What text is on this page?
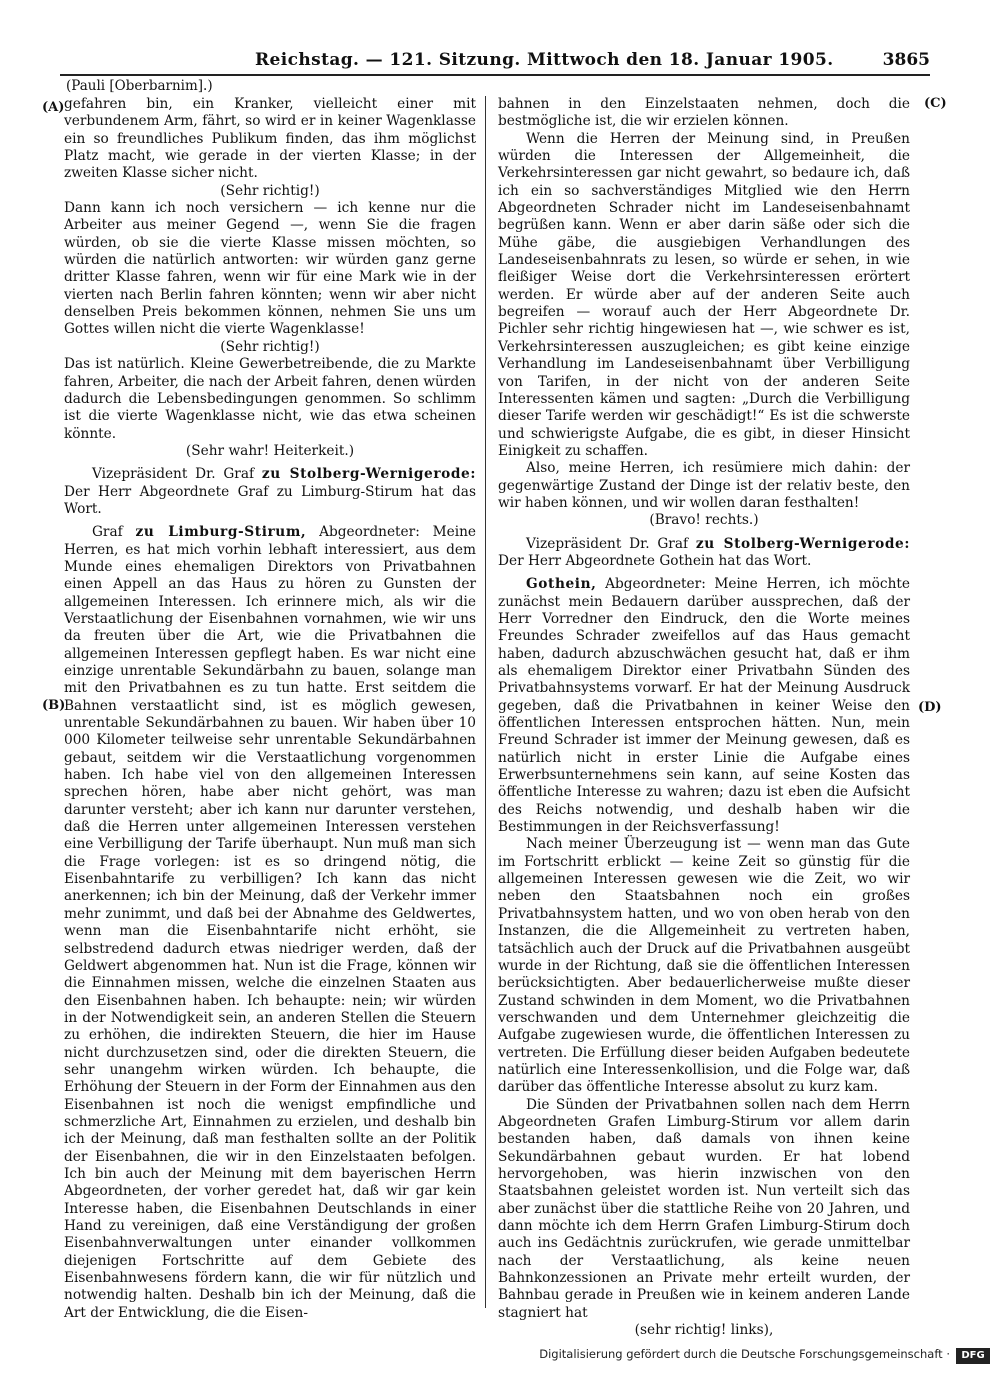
Reichstag. — 121. Sitzung. Mittwoch den 18. Januar 1905.	3865
(Pauli [Oberbarnim].)
(A)
(B)
(C)
(D)

gefahren bin, ein Kranker, vielleicht einer mit verbundenem Arm, fährt, so wird er in keiner Wagenklasse ein so freundliches Publikum finden, das ihm möglichst Platz macht, wie gerade in der vierten Klasse; in der zweiten Klasse sicher nicht.

(Sehr richtig!)

Dann kann ich noch versichern — ich kenne nur die Arbeiter aus meiner Gegend —, wenn Sie die fragen würden, ob sie die vierte Klasse missen möchten, so würden die natürlich antworten: wir würden ganz gerne dritter Klasse fahren, wenn wir für eine Mark wie in der vierten nach Berlin fahren könnten; wenn wir aber nicht denselben Preis bekommen können, nehmen Sie uns um Gottes willen nicht die vierte Wagenklasse!

(Sehr richtig!)

Das ist natürlich. Kleine Gewerbetreibende, die zu Markte fahren, Arbeiter, die nach der Arbeit fahren, denen würden dadurch die Lebensbedingungen genommen. So schlimm ist die vierte Wagenklasse nicht, wie das etwa scheinen könnte.

(Sehr wahr! Heiterkeit.)

Vizepräsident Dr. Graf zu Stolberg-Wernigerode: Der Herr Abgeordnete Graf zu Limburg-Stirum hat das Wort.

Graf zu Limburg-Stirum, Abgeordneter: Meine Herren, es hat mich vorhin lebhaft interessiert, aus dem Munde eines ehemaligen Direktors von Privatbahnen einen Appell an das Haus zu hören zu Gunsten der allgemeinen Interessen. Ich erinnere mich, als wir die Verstaatlichung der Eisenbahnen vornahmen, wie wir uns da freuten über die Art, wie die Privatbahnen die allgemeinen Interessen gepflegt haben. Es war nicht eine einzige unrentable Sekundärbahn zu bauen, solange man mit den Privatbahnen es zu tun hatte. Erst seitdem die Bahnen verstaatlicht sind, ist es möglich gewesen, unrentable Sekundärbahnen zu bauen. Wir haben über 10 000 Kilometer teilweise sehr unrentable Sekundärbahnen gebaut, seitdem wir die Verstaatlichung vorgenommen haben. Ich habe viel von den allgemeinen Interessen sprechen hören, habe aber nicht gehört, was man darunter versteht; aber ich kann nur darunter verstehen, daß die Herren unter allgemeinen Interessen verstehen eine Verbilligung der Tarife überhaupt. Nun muß man sich die Frage vorlegen: ist es so dringend nötig, die Eisenbahntarife zu verbilligen? Ich kann das nicht anerkennen; ich bin der Meinung, daß der Verkehr immer mehr zunimmt, und daß bei der Abnahme des Geldwertes, wenn man die Eisenbahntarife nicht erhöht, sie selbstredend dadurch etwas niedriger werden, daß der Geldwert abgenommen hat. Nun ist die Frage, können wir die Einnahmen missen, welche die einzelnen Staaten aus den Eisenbahnen haben. Ich behaupte: nein; wir würden in der Notwendigkeit sein, an anderen Stellen die Steuern zu erhöhen, die indirekten Steuern, die hier im Hause nicht durchzusetzen sind, oder die direkten Steuern, die sehr unangehm wirken würden. Ich behaupte, die Erhöhung der Steuern in der Form der Einnahmen aus den Eisenbahnen ist noch die wenigst empfindliche und schmerzliche Art, Einnahmen zu erzielen, und deshalb bin ich der Meinung, daß man festhalten sollte an der Politik der Eisenbahnen, die wir in den Einzelstaaten befolgen. Ich bin auch der Meinung mit dem bayerischen Herrn Abgeordneten, der vorher geredet hat, daß wir gar kein Interesse haben, die Eisenbahnen Deutschlands in einer Hand zu vereinigen, daß eine Verständigung der großen Eisenbahnverwaltungen unter einander vollkommen diejenigen Fortschritte auf dem Gebiete des Eisenbahnwesens fördern kann, die wir für nützlich und notwendig halten. Deshalb bin ich der Meinung, daß die Art der Entwicklung, die die Eisen-

bahnen in den Einzelstaaten nehmen, doch die bestmögliche ist, die wir erzielen können.

Wenn die Herren der Meinung sind, in Preußen würden die Interessen der Allgemeinheit, die Verkehrsinteressen gar nicht gewahrt, so bedaure ich, daß ich ein so sachverständiges Mitglied wie den Herrn Abgeordneten Schrader nicht im Landeseisenbahnamt begrüßen kann. Wenn er aber darin säße oder sich die Mühe gäbe, die ausgiebigen Verhandlungen des Landeseisenbahnrats zu lesen, so würde er sehen, in wie fleißiger Weise dort die Verkehrsinteressen erörtert werden. Er würde aber auf der anderen Seite auch begreifen — worauf auch der Herr Abgeordnete Dr. Pichler sehr richtig hingewiesen hat —, wie schwer es ist, Verkehrsinteressen auszugleichen; es gibt keine einzige Verhandlung im Landeseisenbahnamt über Verbilligung von Tarifen, in der nicht von der anderen Seite Interessenten kämen und sagten: „Durch die Verbilligung dieser Tarife werden wir geschädigt!“ Es ist die schwerste und schwierigste Aufgabe, die es gibt, in dieser Hinsicht Einigkeit zu schaffen.

Also, meine Herren, ich resümiere mich dahin: der gegenwärtige Zustand der Dinge ist der relativ beste, den wir haben können, und wir wollen daran festhalten!

(Bravo! rechts.)

Vizepräsident Dr. Graf zu Stolberg-Wernigerode: Der Herr Abgeordnete Gothein hat das Wort.

Gothein, Abgeordneter: Meine Herren, ich möchte zunächst mein Bedauern darüber aussprechen, daß der Herr Vorredner den Eindruck, den die Worte meines Freundes Schrader zweifellos auf das Haus gemacht haben, dadurch abzuschwächen gesucht hat, daß er ihm als ehemaligem Direktor einer Privatbahn Sünden des Privatbahnsystems vorwarf. Er hat der Meinung Ausdruck gegeben, daß die Privatbahnen in keiner Weise den öffentlichen Interessen entsprochen hätten. Nun, mein Freund Schrader ist immer der Meinung gewesen, daß es natürlich nicht in erster Linie die Aufgabe eines Erwerbsunternehmens sein kann, auf seine Kosten das öffentliche Interesse zu wahren; dazu ist eben die Aufsicht des Reichs notwendig, und deshalb haben wir die Bestimmungen in der Reichsverfassung!

Nach meiner Überzeugung ist — wenn man das Gute im Fortschritt erblickt — keine Zeit so günstig für die allgemeinen Interessen gewesen wie die Zeit, wo wir neben den Staatsbahnen noch ein großes Privatbahnsystem hatten, und wo von oben herab von den Instanzen, die die Allgemeinheit zu vertreten haben, tatsächlich auch der Druck auf die Privatbahnen ausgeübt wurde in der Richtung, daß sie die öffentlichen Interessen berücksichtigten. Aber bedauerlicherweise mußte dieser Zustand schwinden in dem Moment, wo die Privatbahnen verschwanden und dem Unternehmer gleichzeitig die Aufgabe zugewiesen wurde, die öffentlichen Interessen zu vertreten. Die Erfüllung dieser beiden Aufgaben bedeutete natürlich eine Interessenkollision, und die Folge war, daß darüber das öffentliche Interesse absolut zu kurz kam.

Die Sünden der Privatbahnen sollen nach dem Herrn Abgeordneten Grafen Limburg-Stirum vor allem darin bestanden haben, daß damals von ihnen keine Sekundärbahnen gebaut wurden. Er hat lobend hervorgehoben, was hierin inzwischen von den Staatsbahnen geleistet worden ist. Nun verteilt sich das aber zunächst über die stattliche Reihe von 20 Jahren, und dann möchte ich dem Herrn Grafen Limburg-Stirum doch auch ins Gedächtnis zurückrufen, wie gerade unmittelbar nach der Verstaatlichung, als keine neuen Bahnkonzessionen an Private mehr erteilt wurden, der Bahnbau gerade in Preußen wie in keinem anderen Lande stagniert hat

(sehr richtig! links),

Digitalisierung gefördert durch die Deutsche Forschungsgemeinschaft ·	DFG
